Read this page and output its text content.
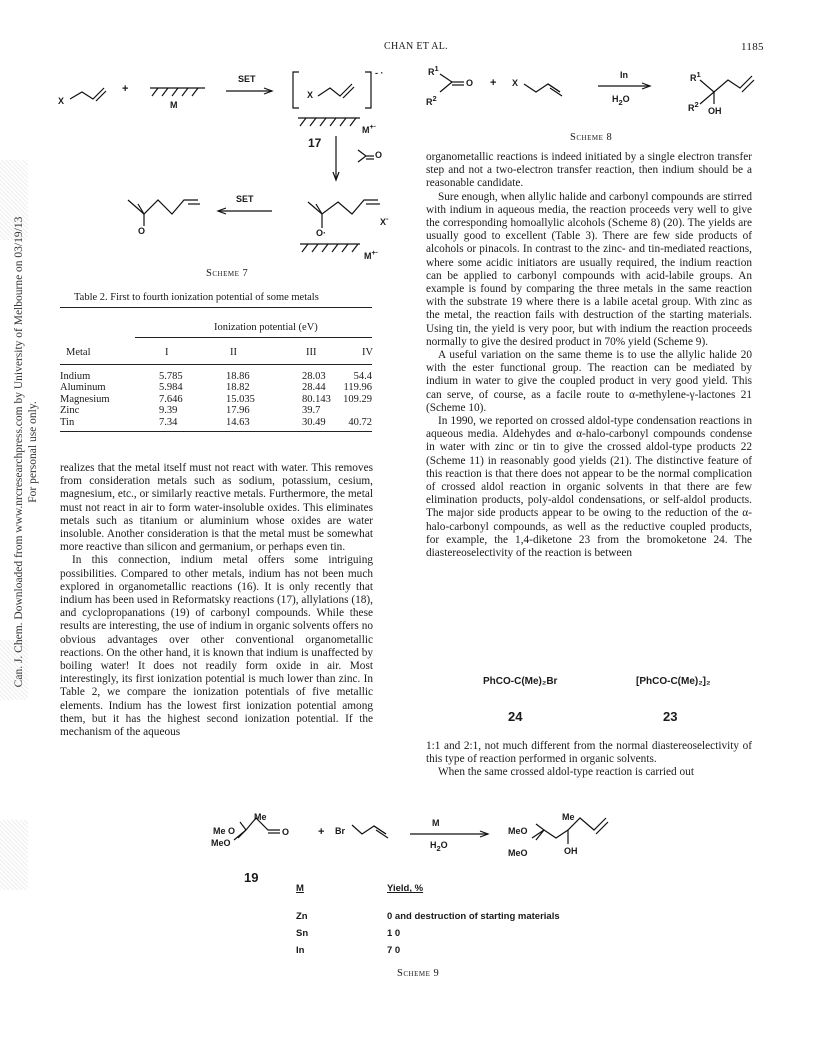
Can. J. Chem. Downloaded from www.nrcresearchpress.com by University of Melbourne on 03/19/13 For personal use only.
CHAN ET AL.	1185
X
+
M
SET
X
- ·
M+·
17
O
SET
O	O·
X-
M+·
Scheme 7
Table 2. First to fourth ionization potential of some metals
Ionization potential (eV)
Metal	I	II	III	IV
Indium	5.785	18.86	28.03	54.4
Aluminum	5.984	18.82	28.44 119.96
Magnesium	7.646	15.035	80.143 109.29
Zinc	9.39	17.96	39.7
Tin	7.34	14.63	30.49 40.72

realizes that the metal itself must not react with water. This removes from consideration metals such as sodium, potassium, cesium, magnesium, etc., or similarly reactive metals. Furthermore, the metal must not react in air to form water-insoluble oxides. This eliminates metals such as titanium or aluminium whose oxides are water insoluble. Another consideration is that the metal must be somewhat more reactive than silicon and germanium, or perhaps even tin.

In this connection, indium metal offers some intriguing possibilities. Compared to other metals, indium has not been much explored in organometallic reactions (16). It is only recently that indium has been used in Reformatsky reactions (17), allylations (18), and cyclopropanations (19) of carbonyl compounds. While these results are interesting, the use of indium in organic solvents offers no obvious advantages over other conventional organometallic reactions. On the other hand, it is known that indium is unaffected by boiling water! It does not readily form oxide in air. Most interestingly, its first ionization potential is much lower than zinc. In Table 2, we compare the ionization potentials of five metallic elements. Indium has the lowest first ionization potential among them, but it has the highest second ionization potential. If the mechanism of the aqueous

$R^1$
$R^2$
O + X
In
$H_2O$
$R^1$
$R^2$
OH
Scheme 8

organometallic reactions is indeed initiated by a single electron transfer step and not a two-electron transfer reaction, then indium should be a reasonable candidate.

Sure enough, when allylic halide and carbonyl compounds are stirred with indium in aqueous media, the reaction proceeds very well to give the corresponding homoallylic alcohols (Scheme 8) (20). The yields are usually good to excellent (Table 3). There are few side products of alcohols or pinacols. In contrast to the zinc- and tin-mediated reactions, where some acidic initiators are usually required, the indium reaction can be applied to carbonyl compounds with acid-labile groups. An example is found by comparing the three metals in the same reaction with the substrate 19 where there is a labile acetal group. With zinc as the metal, the reaction fails with destruction of the starting materials. Using tin, the yield is very poor, but with indium the reaction proceeds normally to give the desired product in 70% yield (Scheme 9).

A useful variation on the same theme is to use the allylic halide 20 with the ester functional group. The reaction can be mediated by indium in water to give the coupled product in very good yield. This can serve, of course, as a facile route to α-methylene-γ-lactones 21 (Scheme 10).

In 1990, we reported on crossed aldol-type condensation reactions in aqueous media. Aldehydes and α-halo-carbonyl compounds condense in water with zinc or tin to give the crossed aldol-type products 22 (Scheme 11) in reasonably good yields (21). The distinctive feature of this reaction is that there does not appear to be the normal complication of crossed aldol reaction in organic solvents in that there are few elimination products, poly-aldol condensations, or self-aldol products. The major side products appear to be owing to the reduction of the α-halo-carbonyl compounds, as well as the reductive coupled products, for example, the 1,4-diketone 23 from the bromoketone 24. The diastereoselectivity of the reaction is between

PhCO-C(Me)₂Br	[PhCO-C(Me)₂]₂
24	23

1:1 and 2:1, not much different from the normal diastereoselectivity of this type of reaction performed in organic solvents.

When the same crossed aldol-type reaction is carried out

Me
Me O
MeO
O	+ Br
M
$H_2O$
Me
MeO
MeO	OH
19
M	Yield, %
Zn	0 and destruction of starting materials
Sn	1 0
In	7 0
Scheme 9
